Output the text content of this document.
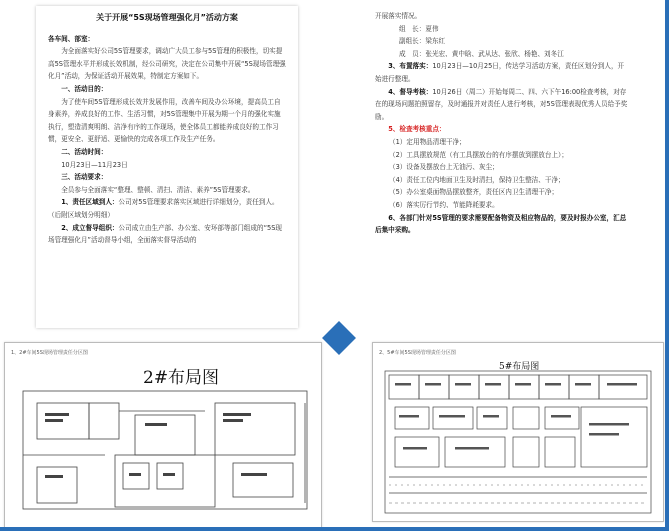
关于开展“5S现场管理强化月”活动方案
各车间、部室：
为全面落实好公司5S管理要求，调动广大员工参与5S管理的积极性，切实提高5S管理水平并形成长效机制，经公司研究，决定在公司集中开展“5S现场管理强化月”活动，为保证活动开展效果，特制定方案如下。
一、活动目的：
为了使车间5S管理形成长效并发展作用，改善车间及办公环境，提高员工自身素养，养成良好的工作、生活习惯，对5S管理集中开展为期一个月的强化实施执行，塑造清爽明朗、洁净有序的工作现场，使全体员工都能养成良好的工作习惯，更安全、更舒适、更愉快的完成各项工作及生产任务。
二、活动时间：
10月23日—11月23日
三、活动要求：
全员参与全面落实“整理、整顿、清扫、清洁、素养”5S管理要求。
1、责任区域到人：公司对5S管理要求落实区域进行详细划分，责任到人。（后附区域划分明细）
2、成立督导组织：公司成立由生产部、办公室、安环部等部门组成的“5S现场管理强化月”活动督导小组，全面落实督导活动的
开展落实情况。
组　长：夏伟
副组长：梁东红
成　员：张光宏、黄中晗、武从达、张欣、杨艳、刘冬江
3、布置落实：10月23日—10月25日，传达学习活动方案，责任区划分到人，开始进行整理。
4、督导考核：10月26日（周二）开始每周二、四、六下午16:00检查考核，对存在的现场问题拍照留存，及时通报并对责任人进行考核，对5S管理表现优秀人员给予奖励。
5、检查考核重点：
（1）定用物品清理干净；
（2）工具摆放规范（有工具摆放台的有序摆放到摆放台上）；
（3）设备及摆放台上无油污、灰尘；
（4）责任工位内地面卫生及时清扫，保持卫生整洁、干净；
（5）办公室桌面物品摆放整齐，责任区内卫生清理干净；
（6）落实厉行节约、节能降耗要求。
6、各部门针对5S管理的要求需要配备物资及相应物品的，要及时报办公室，汇总后集中采购。
1、2#车间5S现场管理责任分区图
2#布局图
2、5#车间5S现场管理责任分区图
5#布局图
